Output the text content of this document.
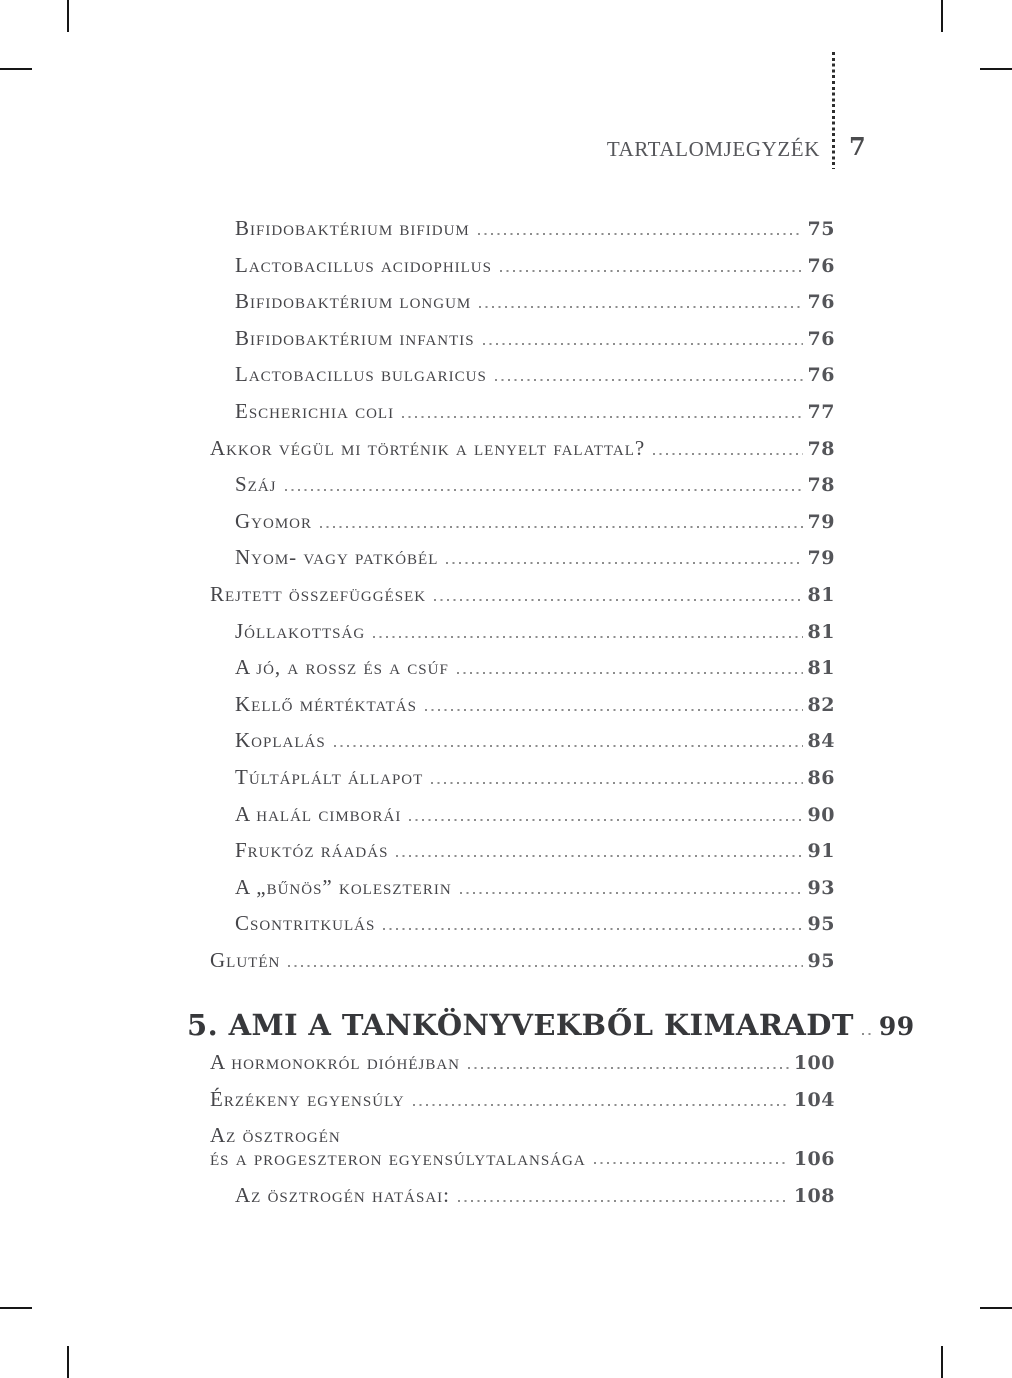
TARTALOMJEGYZÉK 7
Bifidobaktérium bifidum	75
Lactobacillus acidophilus	76
Bifidobaktérium longum	76
Bifidobaktérium infantis	76
Lactobacillus bulgaricus	76
Escherichia coli	77
Akkor végül mi történik a lenyelt falattal?	78
Száj	78
Gyomor	79
Nyom- vagy patkóbél	79
Rejtett összefüggések	81
Jóllakottság	81
A jó, a rossz és a csúf	81
Kellő mértéktatás	82
Koplalás	84
Túltáplált állapot	86
A halál cimborái	90
Fruktóz ráadás	91
A „bűnös” koleszterin	93
Csontritkulás	95
Glutén	95
5. AMI A TANKÖNYVEKBŐL KIMARADT 99
A hormonokról dióhéjban	100
Érzékeny egyensúly	104
Az ösztrogén
és a progeszteron egyensúlytalansága	106
Az ösztrogén hatásai:	108
